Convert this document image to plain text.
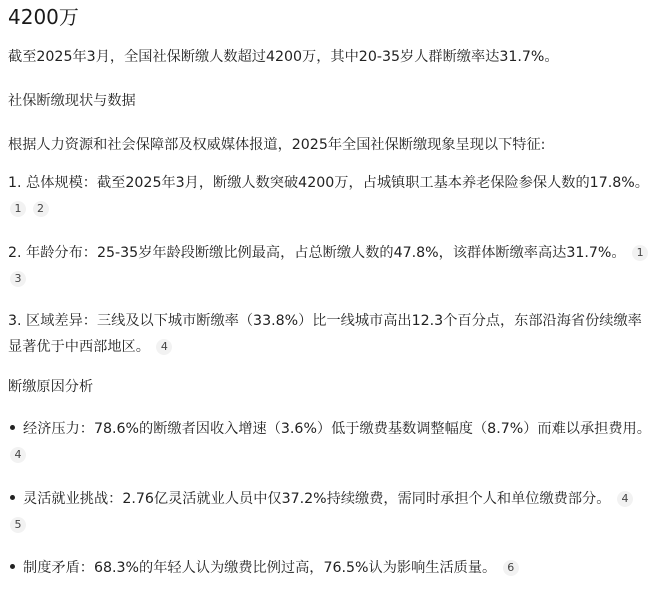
4200万

截至2025年3月，全国社保断缴人数超过4200万，其中20-35岁人群断缴率达31.7%。

社保断缴现状与数据

根据人力资源和社会保障部及权威媒体报道，2025年全国社保断缴现象呈现以下特征:

1. 总体规模：截至2025年3月，断缴人数突破4200万，占城镇职工基本养老保险参保人数的17.8%。 1 2

2. 年龄分布：25-35岁年龄段断缴比例最高，占总断缴人数的47.8%，该群体断缴率高达31.7%。 1 3

3. 区域差异：三线及以下城市断缴率（33.8%）比一线城市高出12.3个百分点，东部沿海省份续缴率显著优于中西部地区。 4

断缴原因分析

经济压力：78.6%的断缴者因收入增速（3.6%）低于缴费基数调整幅度（8.7%）而难以承担费用。 4

灵活就业挑战：2.76亿灵活就业人员中仅37.2%持续缴费，需同时承担个人和单位缴费部分。 4 5

制度矛盾：68.3%的年轻人认为缴费比例过高，76.5%认为影响生活质量。 6
